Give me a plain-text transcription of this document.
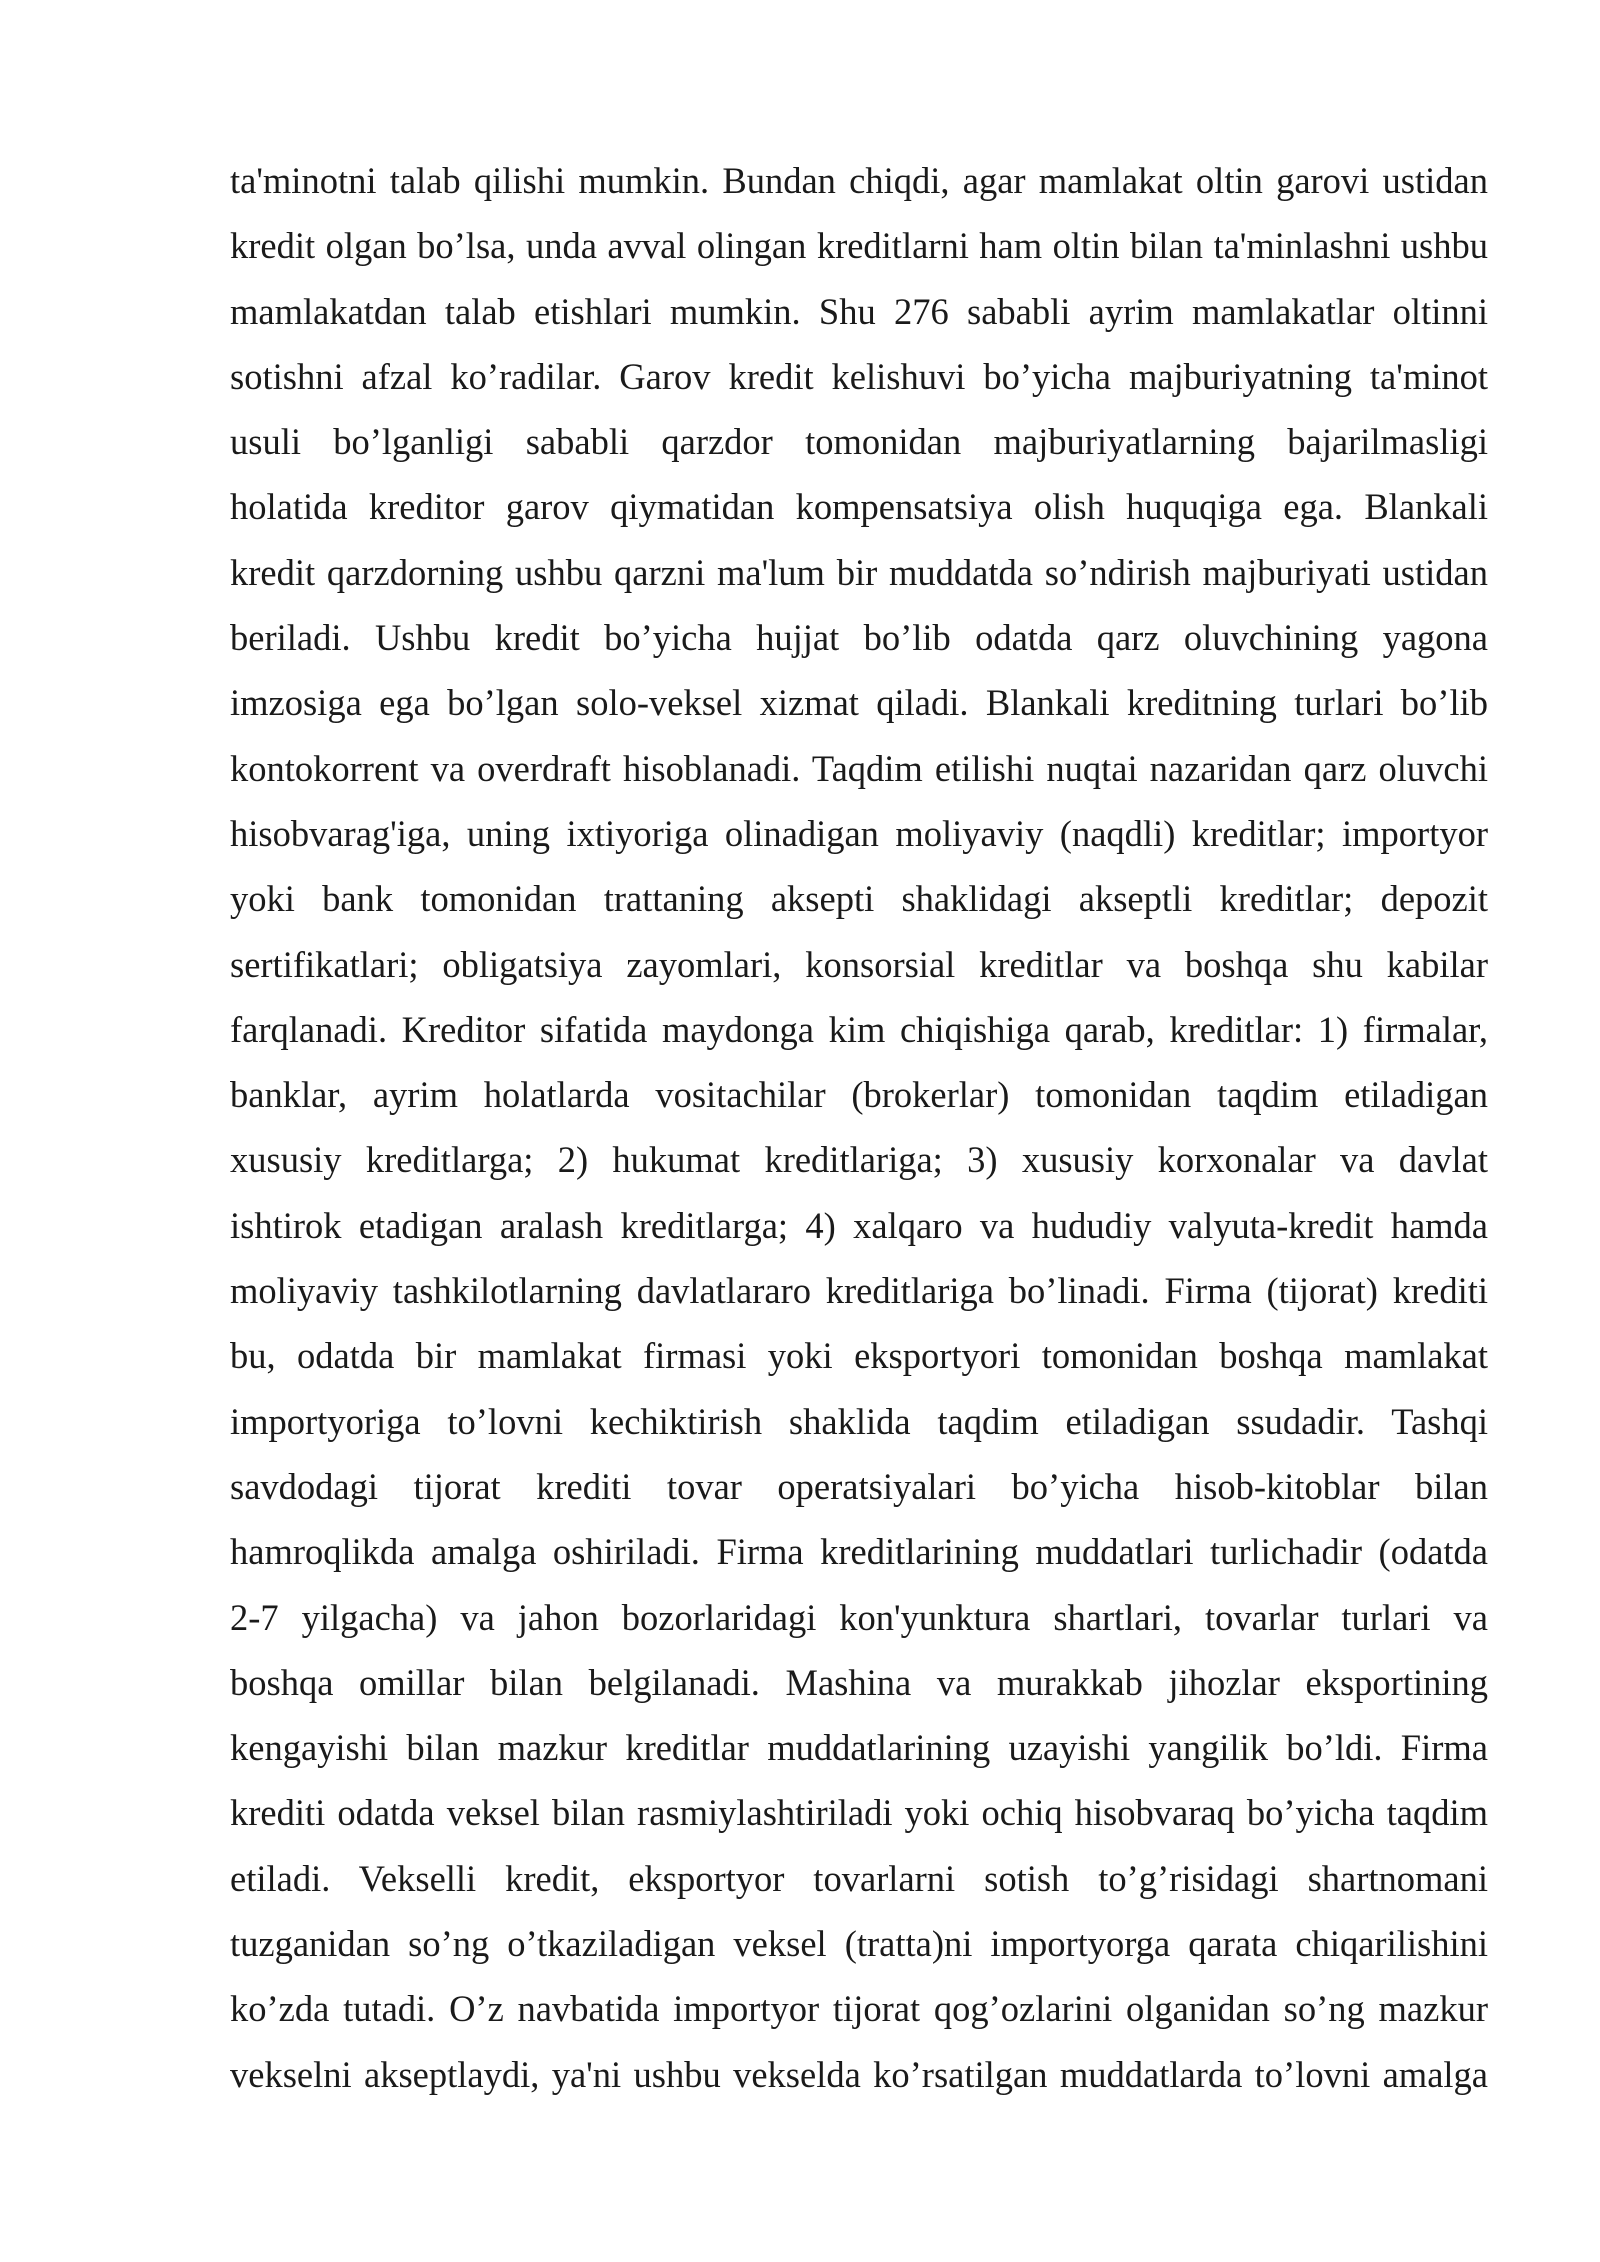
ta'minotni talab qilishi mumkin. Bundan chiqdi, agar mamlakat oltin garovi ustidan
kredit olgan bo’lsa, unda avval olingan kreditlarni ham oltin bilan ta'minlashni ushbu
mamlakatdan talab etishlari mumkin. Shu 276 sababli ayrim mamlakatlar oltinni
sotishni afzal ko’radilar. Garov kredit kelishuvi bo’yicha majburiyatning ta'minot
usuli bo’lganligi sababli qarzdor tomonidan majburiyatlarning bajarilmasligi
holatida kreditor garov qiymatidan kompensatsiya olish huquqiga ega. Blankali
kredit qarzdorning ushbu qarzni ma'lum bir muddatda so’ndirish majburiyati ustidan
beriladi. Ushbu kredit bo’yicha hujjat bo’lib odatda qarz oluvchining yagona
imzosiga ega bo’lgan solo-veksel xizmat qiladi. Blankali kreditning turlari bo’lib
kontokorrent va overdraft hisoblanadi. Taqdim etilishi nuqtai nazaridan qarz oluvchi
hisobvarag'iga, uning ixtiyoriga olinadigan moliyaviy (naqdli) kreditlar; importyor
yoki bank tomonidan trattaning aksepti shaklidagi akseptli kreditlar; depozit
sertifikatlari; obligatsiya zayomlari, konsorsial kreditlar va boshqa shu kabilar
farqlanadi. Kreditor sifatida maydonga kim chiqishiga qarab, kreditlar: 1) firmalar,
banklar, ayrim holatlarda vositachilar (brokerlar) tomonidan taqdim etiladigan
xususiy kreditlarga; 2) hukumat kreditlariga; 3) xususiy korxonalar va davlat
ishtirok etadigan aralash kreditlarga; 4) xalqaro va hududiy valyuta-kredit hamda
moliyaviy tashkilotlarning davlatlararo kreditlariga bo’linadi. Firma (tijorat) krediti
bu, odatda bir mamlakat firmasi yoki eksportyori tomonidan boshqa mamlakat
importyoriga to’lovni kechiktirish shaklida taqdim etiladigan ssudadir. Tashqi
savdodagi tijorat krediti tovar operatsiyalari bo’yicha hisob-kitoblar bilan
hamroqlikda amalga oshiriladi. Firma kreditlarining muddatlari turlichadir (odatda
2-7 yilgacha) va jahon bozorlaridagi kon'yunktura shartlari, tovarlar turlari va
boshqa omillar bilan belgilanadi. Mashina va murakkab jihozlar eksportining
kengayishi bilan mazkur kreditlar muddatlarining uzayishi yangilik bo’ldi. Firma
krediti odatda veksel bilan rasmiylashtiriladi yoki ochiq hisobvaraq bo’yicha taqdim
etiladi. Vekselli kredit, eksportyor tovarlarni sotish to’g’risidagi shartnomani
tuzganidan so’ng o’tkaziladigan veksel (tratta)ni importyorga qarata chiqarilishini
ko’zda tutadi. O’z navbatida importyor tijorat qog’ozlarini olganidan so’ng mazkur
vekselni akseptlaydi, ya'ni ushbu vekselda ko’rsatilgan muddatlarda to’lovni amalga
